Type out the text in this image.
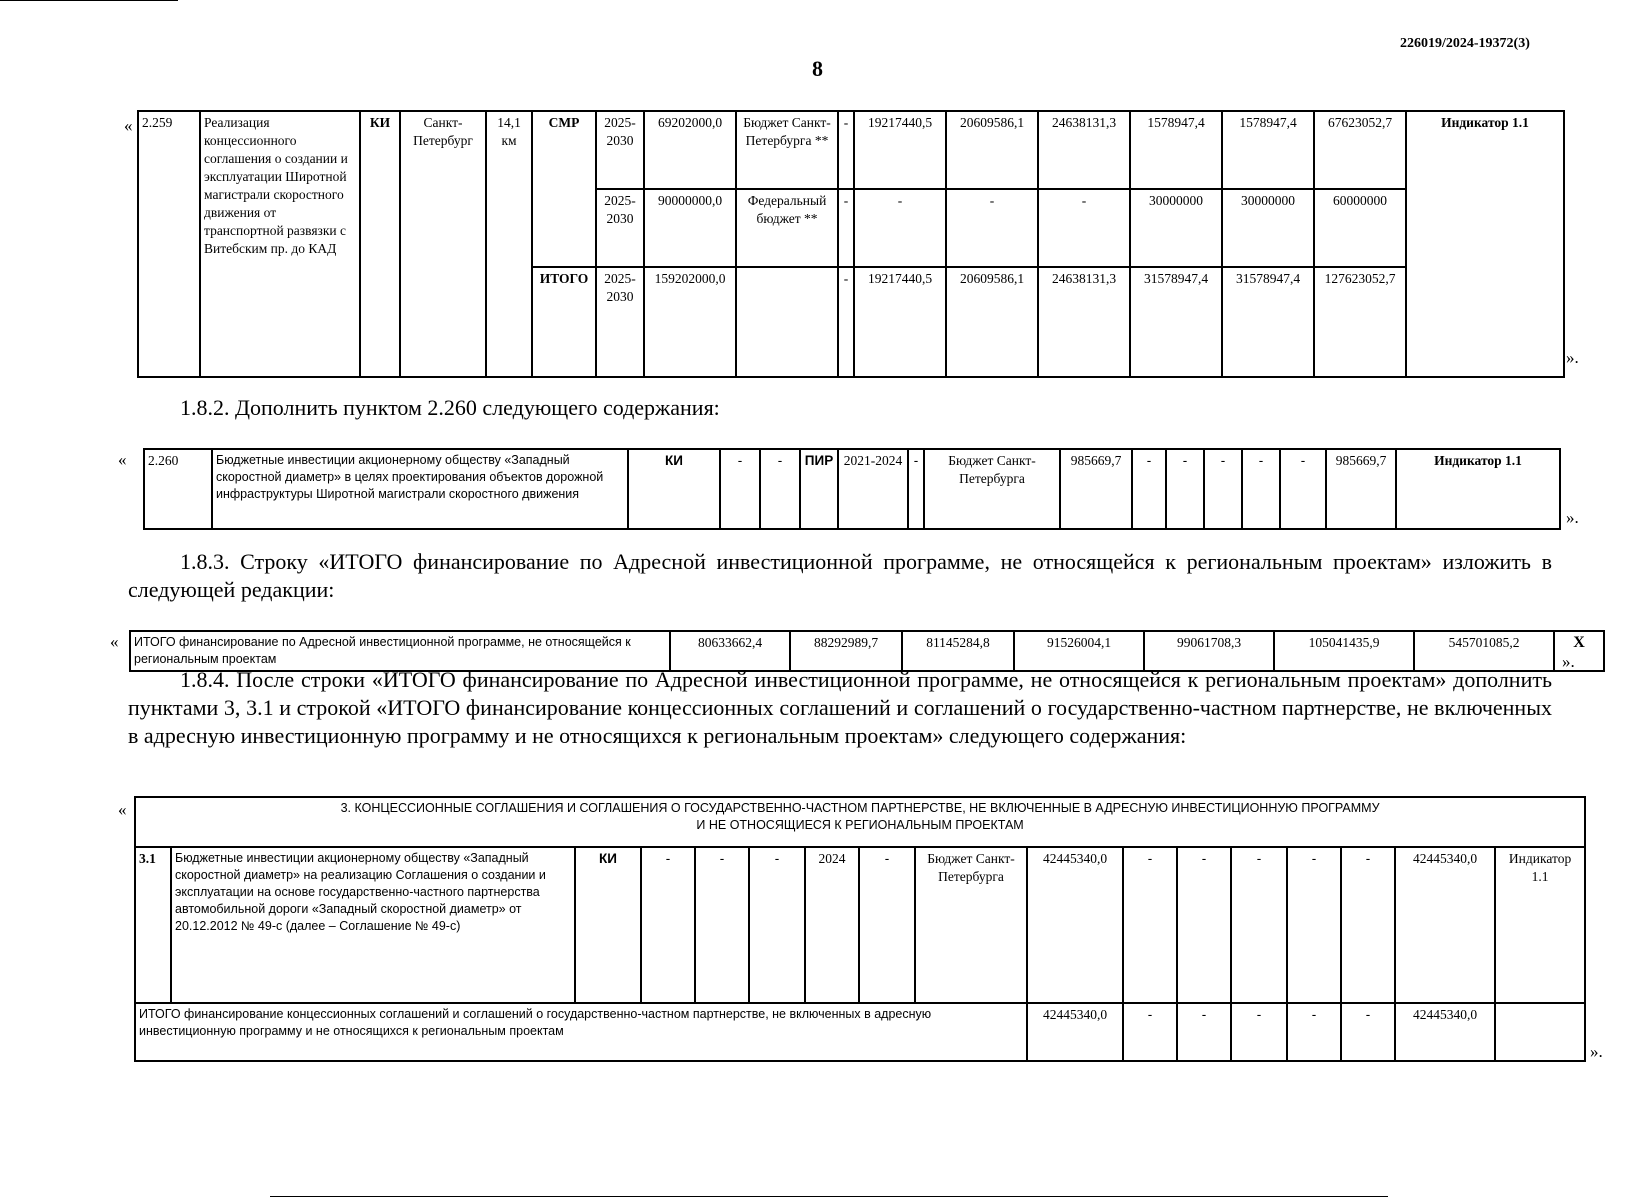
226019/2024-19372(3)
8
« 2.259	Реализация концессионного соглашения о создании и эксплуатации Широтной магистрали скоростного движения от транспортной развязки с Витебским пр. до КАД	КИ	Санкт-Петербург	14,1 км	СМР	2025-2030	69202000,0	Бюджет Санкт-Петербурга **	-	19217440,5	20609586,1	24638131,3	1578947,4	1578947,4	67623052,7	Индикатор 1.1
						2025-2030	90000000,0	Федеральный бюджет **	-	-	-	-	30000000	30000000	60000000	
					ИТОГО	2025-2030	159202000,0		-	19217440,5	20609586,1	24638131,3	31578947,4	31578947,4	127623052,7	
».
1.8.2. Дополнить пунктом 2.260 следующего содержания:
« 2.260	Бюджетные инвестиции акционерному обществу «Западный скоростной диаметр» в целях проектирования объектов дорожной инфраструктуры Широтной магистрали скоростного движения	КИ	-	-	ПИР	2021-2024	-	Бюджет Санкт-Петербурга	985669,7	-	-	-	-	-	985669,7	Индикатор 1.1
».
1.8.3. Строку «ИТОГО финансирование по Адресной инвестиционной программе, не относящейся к региональным проектам» изложить в следующей редакции:
« ИТОГО финансирование по Адресной инвестиционной программе, не относящейся к региональным проектам	80633662,4	88292989,7	81145284,8	91526004,1	99061708,3	105041435,9	545701085,2	Х
».
1.8.4. После строки «ИТОГО финансирование по Адресной инвестиционной программе, не относящейся к региональным проектам» дополнить пунктами 3, 3.1 и строкой «ИТОГО финансирование концессионных соглашений и соглашений о государственно-частном партнерстве, не включенных в адресную инвестиционную программу и не относящихся к региональным проектам» следующего содержания:
«	3. КОНЦЕССИОННЫЕ СОГЛАШЕНИЯ И СОГЛАШЕНИЯ О ГОСУДАРСТВЕННО-ЧАСТНОМ ПАРТНЕРСТВЕ, НЕ ВКЛЮЧЕННЫЕ В АДРЕСНУЮ ИНВЕСТИЦИОННУЮ ПРОГРАММУ
И НЕ ОТНОСЯЩИЕСЯ К РЕГИОНАЛЬНЫМ ПРОЕКТАМ																

3.1	Бюджетные инвестиции акционерному обществу «Западный скоростной диаметр» на реализацию Соглашения о создании и эксплуатации на основе государственно-частного партнерства автомобильной дороги «Западный скоростной диаметр» от 20.12.2012 № 49-с (далее – Соглашение № 49-с)	КИ	-	-	-	2024	-	Бюджет Санкт-Петербурга	42445340,0	-	-	-	-	-	42445340,0	Индикатор 1.1
ИТОГО финансирование концессионных соглашений и соглашений о государственно-частном партнерстве, не включенных в адресную инвестиционную программу и не относящихся к региональным проектам									42445340,0	-	-	-	-	-	42445340,0	
».
